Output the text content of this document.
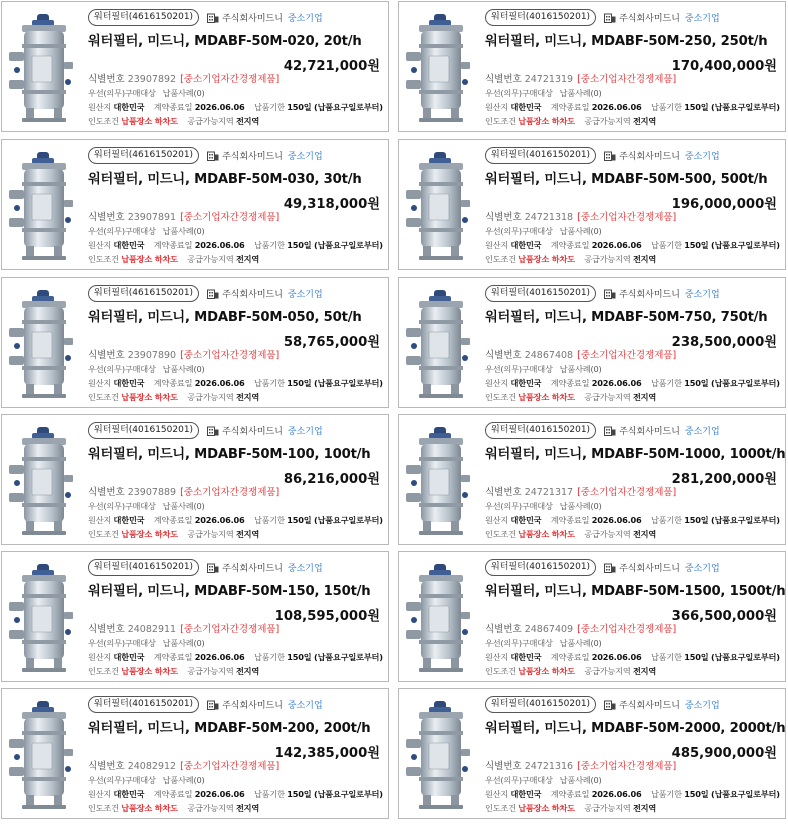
워터필터(4616150201)	주식회사미드니 중소기업
워터필터, 미드니, MDABF-50M-020, 20t/h
42,721,000원
식별번호 23907892 [중소기업자간경쟁제품]
우선(의무)구매대상 납품사례(0)
원산지 대한민국 계약종료일 2026.06.06 납품기한 150일 (납품요구일로부터)
인도조건 납품장소 하차도 공급가능지역 전지역
워터필터(4016150201)	주식회사미드니 중소기업
워터필터, 미드니, MDABF-50M-250, 250t/h
170,400,000원
식별번호 24721319 [중소기업자간경쟁제품]
우선(의무)구매대상 납품사례(0)
원산지 대한민국 계약종료일 2026.06.06 납품기한 150일 (납품요구일로부터)
인도조건 납품장소 하차도 공급가능지역 전지역
워터필터(4616150201)	주식회사미드니 중소기업
워터필터, 미드니, MDABF-50M-030, 30t/h
49,318,000원
식별번호 23907891 [중소기업자간경쟁제품]
우선(의무)구매대상 납품사례(0)
원산지 대한민국 계약종료일 2026.06.06 납품기한 150일 (납품요구일로부터)
인도조건 납품장소 하차도 공급가능지역 전지역
워터필터(4016150201)	주식회사미드니 중소기업
워터필터, 미드니, MDABF-50M-500, 500t/h
196,000,000원
식별번호 24721318 [중소기업자간경쟁제품]
우선(의무)구매대상 납품사례(0)
원산지 대한민국 계약종료일 2026.06.06 납품기한 150일 (납품요구일로부터)
인도조건 납품장소 하차도 공급가능지역 전지역
워터필터(4616150201)	주식회사미드니 중소기업
워터필터, 미드니, MDABF-50M-050, 50t/h
58,765,000원
식별번호 23907890 [중소기업자간경쟁제품]
우선(의무)구매대상 납품사례(0)
원산지 대한민국 계약종료일 2026.06.06 납품기한 150일 (납품요구일로부터)
인도조건 납품장소 하차도 공급가능지역 전지역
워터필터(4016150201)	주식회사미드니 중소기업
워터필터, 미드니, MDABF-50M-750, 750t/h
238,500,000원
식별번호 24867408 [중소기업자간경쟁제품]
우선(의무)구매대상 납품사례(0)
원산지 대한민국 계약종료일 2026.06.06 납품기한 150일 (납품요구일로부터)
인도조건 납품장소 하차도 공급가능지역 전지역
워터필터(4016150201)	주식회사미드니 중소기업
워터필터, 미드니, MDABF-50M-100, 100t/h
86,216,000원
식별번호 23907889 [중소기업자간경쟁제품]
우선(의무)구매대상 납품사례(0)
원산지 대한민국 계약종료일 2026.06.06 납품기한 150일 (납품요구일로부터)
인도조건 납품장소 하차도 공급가능지역 전지역
워터필터(4016150201)	주식회사미드니 중소기업
워터필터, 미드니, MDABF-50M-1000, 1000t/h
281,200,000원
식별번호 24721317 [중소기업자간경쟁제품]
우선(의무)구매대상 납품사례(0)
원산지 대한민국 계약종료일 2026.06.06 납품기한 150일 (납품요구일로부터)
인도조건 납품장소 하차도 공급가능지역 전지역
워터필터(4016150201)	주식회사미드니 중소기업
워터필터, 미드니, MDABF-50M-150, 150t/h
108,595,000원
식별번호 24082911 [중소기업자간경쟁제품]
우선(의무)구매대상 납품사례(0)
원산지 대한민국 계약종료일 2026.06.06 납품기한 150일 (납품요구일로부터)
인도조건 납품장소 하차도 공급가능지역 전지역
워터필터(4016150201)	주식회사미드니 중소기업
워터필터, 미드니, MDABF-50M-1500, 1500t/h
366,500,000원
식별번호 24867409 [중소기업자간경쟁제품]
우선(의무)구매대상 납품사례(0)
원산지 대한민국 계약종료일 2026.06.06 납품기한 150일 (납품요구일로부터)
인도조건 납품장소 하차도 공급가능지역 전지역
워터필터(4016150201)	주식회사미드니 중소기업
워터필터, 미드니, MDABF-50M-200, 200t/h
142,385,000원
식별번호 24082912 [중소기업자간경쟁제품]
우선(의무)구매대상 납품사례(0)
원산지 대한민국 계약종료일 2026.06.06 납품기한 150일 (납품요구일로부터)
인도조건 납품장소 하차도 공급가능지역 전지역
워터필터(4016150201)	주식회사미드니 중소기업
워터필터, 미드니, MDABF-50M-2000, 2000t/h
485,900,000원
식별번호 24721316 [중소기업자간경쟁제품]
우선(의무)구매대상 납품사례(0)
원산지 대한민국 계약종료일 2026.06.06 납품기한 150일 (납품요구일로부터)
인도조건 납품장소 하차도 공급가능지역 전지역
